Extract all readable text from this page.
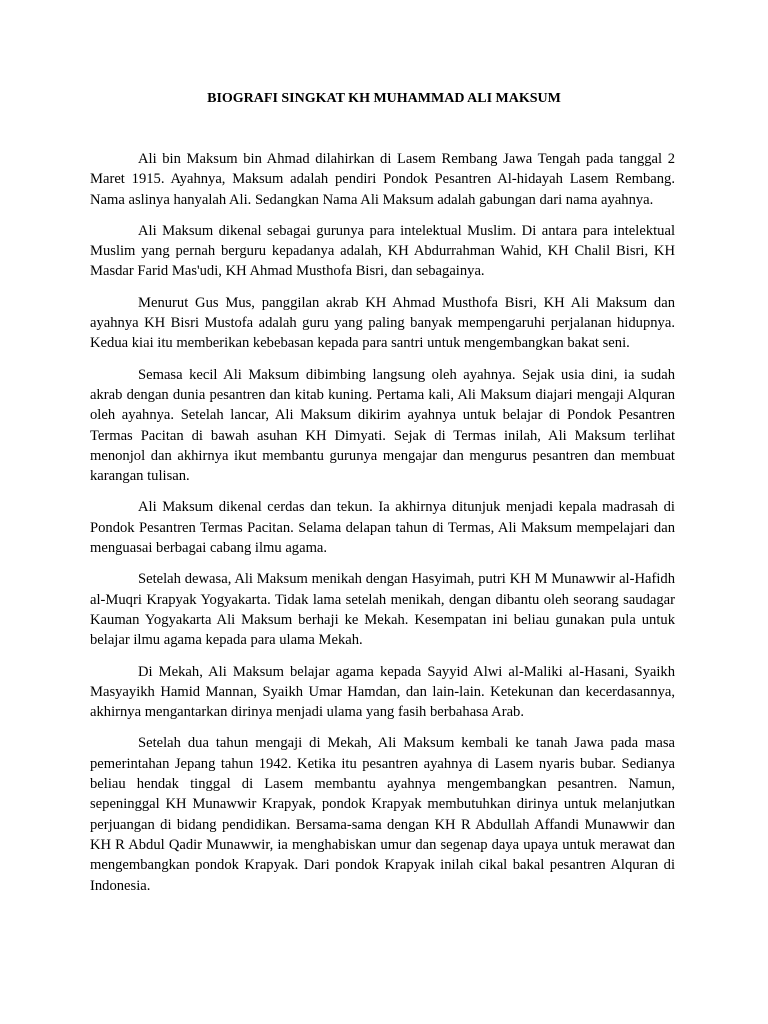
BIOGRAFI SINGKAT KH MUHAMMAD ALI MAKSUM

Ali bin Maksum bin Ahmad dilahirkan di Lasem Rembang Jawa Tengah pada tanggal 2 Maret 1915. Ayahnya, Maksum adalah pendiri Pondok Pesantren Al-hidayah Lasem Rembang. Nama aslinya hanyalah Ali. Sedangkan Nama Ali Maksum adalah gabungan dari nama ayahnya.

Ali Maksum dikenal sebagai gurunya para intelektual Muslim. Di antara para intelektual Muslim yang pernah berguru kepadanya adalah, KH Abdurrahman Wahid, KH Chalil Bisri, KH Masdar Farid Mas'udi, KH Ahmad Musthofa Bisri, dan sebagainya.

Menurut Gus Mus, panggilan akrab KH Ahmad Musthofa Bisri, KH Ali Maksum dan ayahnya KH Bisri Mustofa adalah guru yang paling banyak mempengaruhi perjalanan hidupnya. Kedua kiai itu memberikan kebebasan kepada para santri untuk mengembangkan bakat seni.

Semasa kecil Ali Maksum dibimbing langsung oleh ayahnya. Sejak usia dini, ia sudah akrab dengan dunia pesantren dan kitab kuning. Pertama kali, Ali Maksum diajari mengaji Alquran oleh ayahnya. Setelah lancar, Ali Maksum dikirim ayahnya untuk belajar di Pondok Pesantren Termas Pacitan di bawah asuhan KH Dimyati. Sejak di Termas inilah, Ali Maksum terlihat menonjol dan akhirnya ikut membantu gurunya mengajar dan mengurus pesantren dan membuat karangan tulisan.

Ali Maksum dikenal cerdas dan tekun. Ia akhirnya ditunjuk menjadi kepala madrasah di Pondok Pesantren Termas Pacitan. Selama delapan tahun di Termas, Ali Maksum mempelajari dan menguasai berbagai cabang ilmu agama.

Setelah dewasa, Ali Maksum menikah dengan Hasyimah, putri KH M Munawwir al-Hafidh al-Muqri Krapyak Yogyakarta. Tidak lama setelah menikah, dengan dibantu oleh seorang saudagar Kauman Yogyakarta Ali Maksum berhaji ke Mekah. Kesempatan ini beliau gunakan pula untuk belajar ilmu agama kepada para ulama Mekah.

Di Mekah, Ali Maksum belajar agama kepada Sayyid Alwi al-Maliki al-Hasani, Syaikh Masyayikh Hamid Mannan, Syaikh Umar Hamdan, dan lain-lain. Ketekunan dan kecerdasannya, akhirnya mengantarkan dirinya menjadi ulama yang fasih berbahasa Arab.

Setelah dua tahun mengaji di Mekah, Ali Maksum kembali ke tanah Jawa pada masa pemerintahan Jepang tahun 1942. Ketika itu pesantren ayahnya di Lasem nyaris bubar. Sedianya beliau hendak tinggal di Lasem membantu ayahnya mengembangkan pesantren. Namun, sepeninggal KH Munawwir Krapyak, pondok Krapyak membutuhkan dirinya untuk melanjutkan perjuangan di bidang pendidikan. Bersama-sama dengan KH R Abdullah Affandi Munawwir dan KH R Abdul Qadir Munawwir, ia menghabiskan umur dan segenap daya upaya untuk merawat dan mengembangkan pondok Krapyak. Dari pondok Krapyak inilah cikal bakal pesantren Alquran di Indonesia.
